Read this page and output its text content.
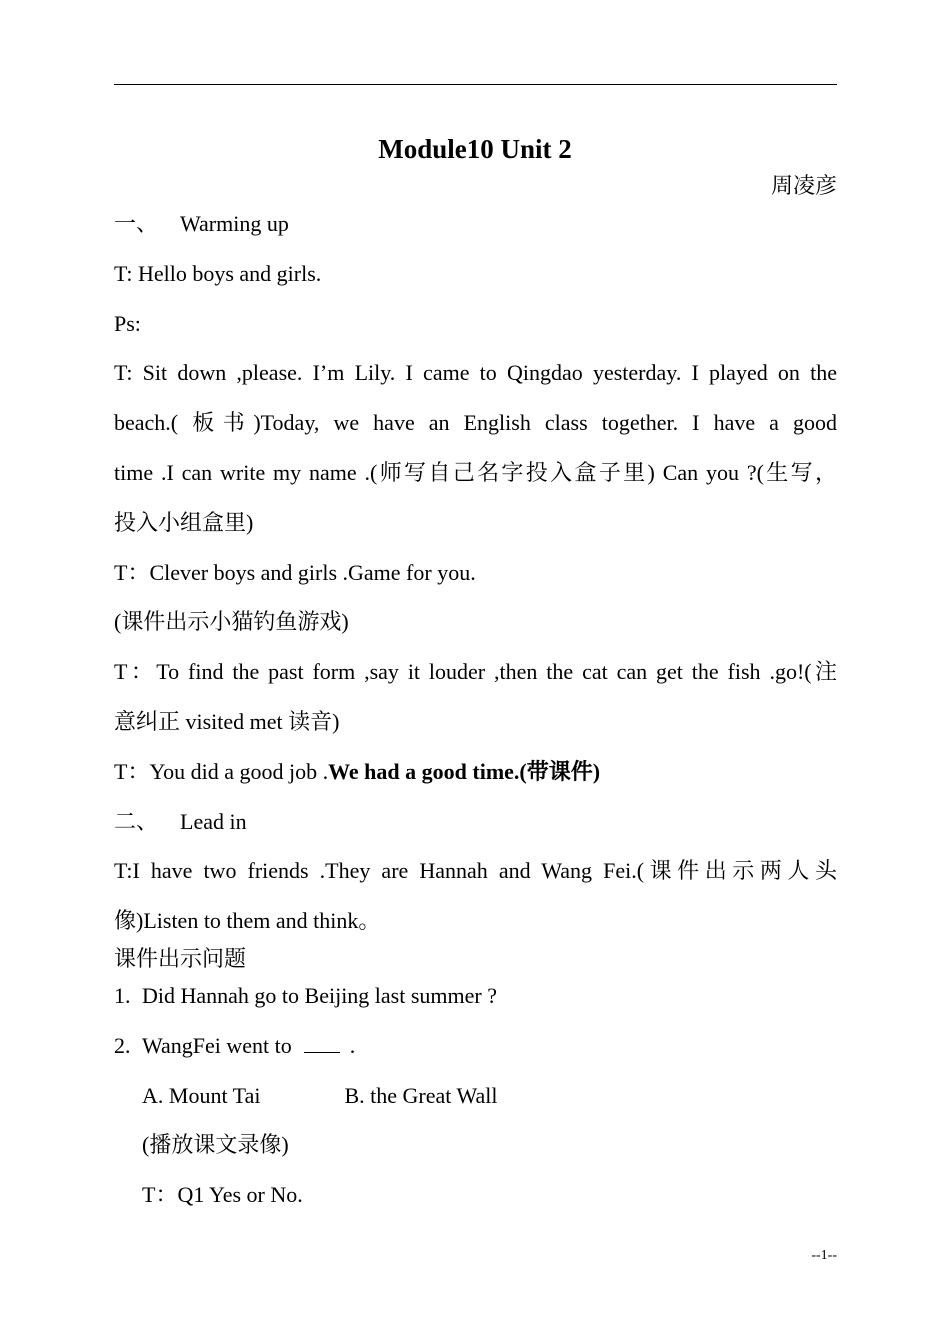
Module10 Unit 2
周凌彦
一、 Warming up
T: Hello boys and girls.
Ps:
T: Sit down ,please. I’m Lily. I came to Qingdao yesterday. I played on the
beach.( 板书)Today, we have an English class together. I have a good
time .I can write my name .(师写自己名字投入盒子里) Can you ?(生写，
投入小组盒里)
T：Clever boys and girls .Game for you.
(课件出示小猫钓鱼游戏)
T：To find the past form ,say it louder ,then the cat can get the fish .go!(注
意纠正 visited met 读音)
T：You did a good job .We had a good time.(带课件)
二、 Lead in
T:I have two friends .They are Hannah and Wang Fei.(课件出示两人头
像)Listen to them and think。
课件出示问题
1. Did Hannah go to Beijing last summer ?
2. WangFei went to	.
A. Mount Tai	B. the Great Wall
(播放课文录像)
T：Q1 Yes or No.
--1--
